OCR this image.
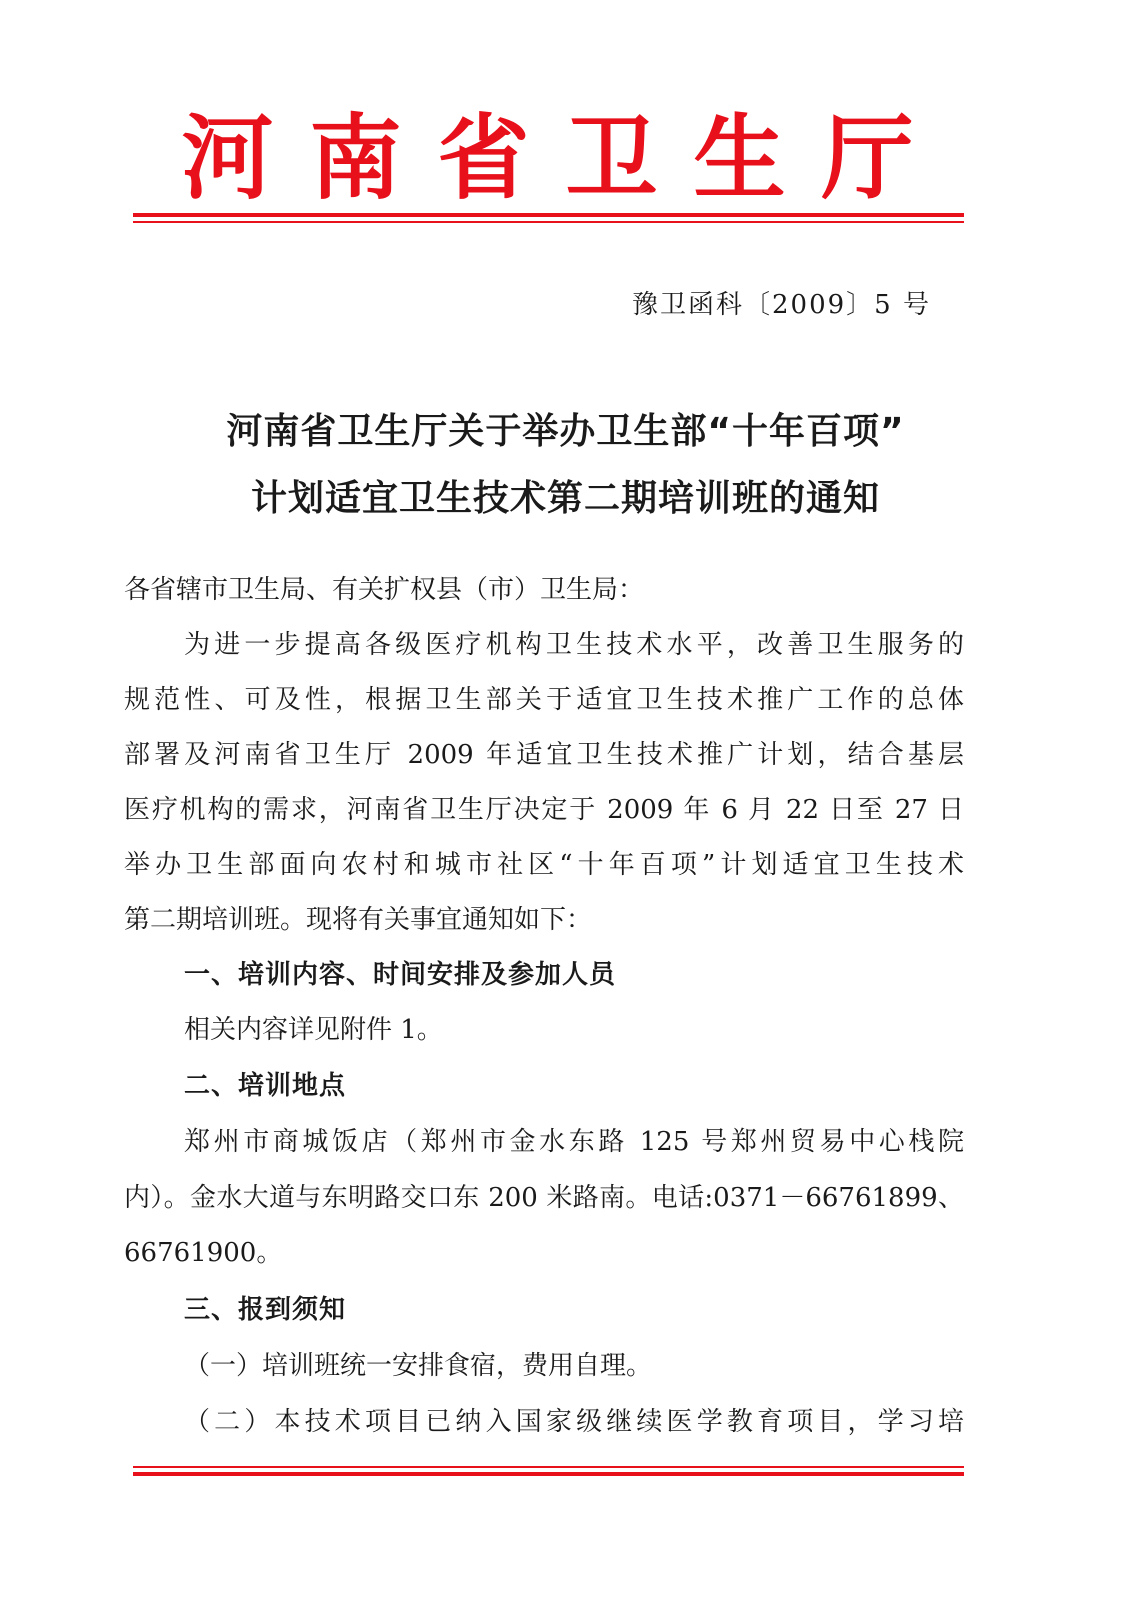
河南省卫生厅
豫卫函科〔2009〕5 号
河南省卫生厅关于举办卫生部“十年百项”
计划适宜卫生技术第二期培训班的通知
各省辖市卫生局、有关扩权县（市）卫生局：
为进一步提高各级医疗机构卫生技术水平，改善卫生服务的
规范性、可及性，根据卫生部关于适宜卫生技术推广工作的总体
部署及河南省卫生厅 2009 年适宜卫生技术推广计划，结合基层
医疗机构的需求，河南省卫生厅决定于 2009 年 6 月 22 日至 27 日
举办卫生部面向农村和城市社区“十年百项”计划适宜卫生技术
第二期培训班。现将有关事宜通知如下：
一、培训内容、时间安排及参加人员
相关内容详见附件 1。
二、培训地点
郑州市商城饭店（郑州市金水东路 125 号郑州贸易中心栈院
内）。金水大道与东明路交口东 200 米路南。电话:0371－66761899、
66761900。
三、报到须知
（一）培训班统一安排食宿，费用自理。
（二）本技术项目已纳入国家级继续医学教育项目，学习培
